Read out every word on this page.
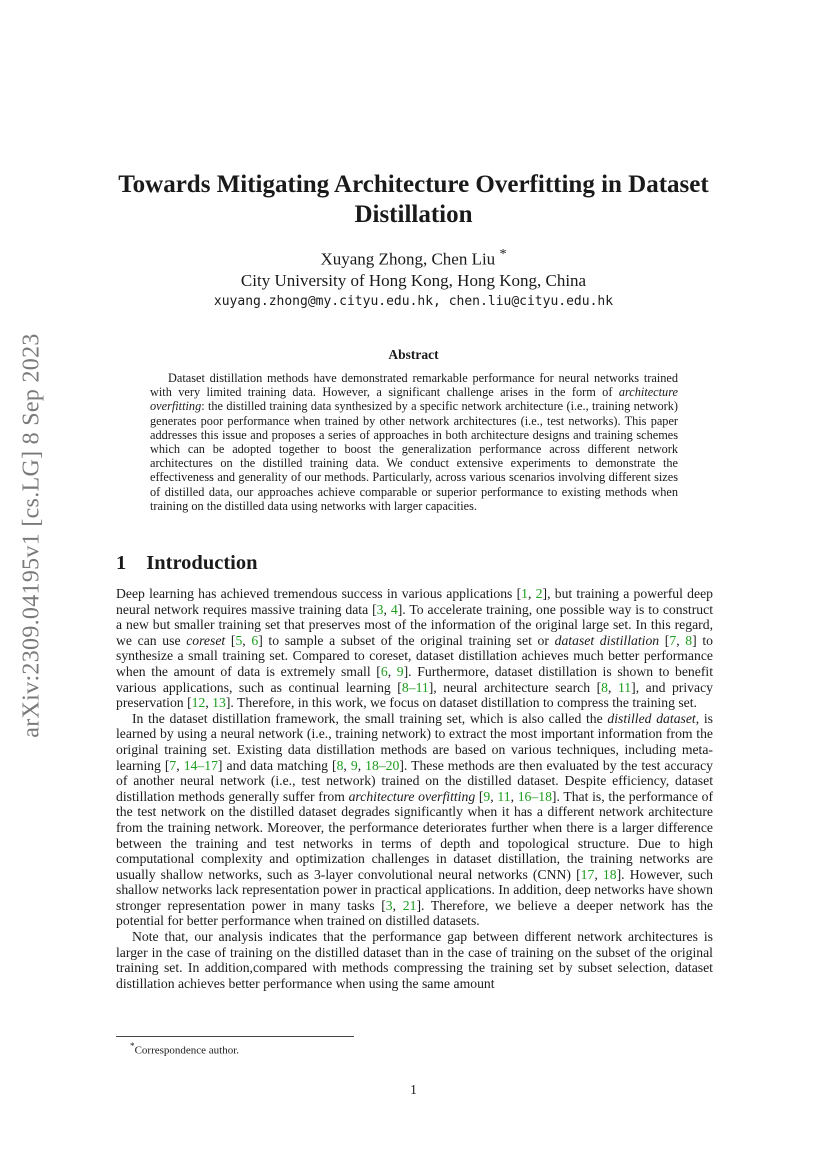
arXiv:2309.04195v1 [cs.LG] 8 Sep 2023
Towards Mitigating Architecture Overfitting in Dataset Distillation
Xuyang Zhong, Chen Liu *
City University of Hong Kong, Hong Kong, China
xuyang.zhong@my.cityu.edu.hk, chen.liu@cityu.edu.hk
Abstract

Dataset distillation methods have demonstrated remarkable performance for neural networks trained with very limited training data. However, a significant challenge arises in the form of architecture overfitting: the distilled training data synthesized by a specific network architecture (i.e., training network) generates poor performance when trained by other network architectures (i.e., test networks). This paper addresses this issue and proposes a series of approaches in both architecture designs and training schemes which can be adopted together to boost the generalization performance across different network architectures on the distilled training data. We conduct extensive experiments to demonstrate the effectiveness and generality of our methods. Particularly, across various scenarios involving different sizes of distilled data, our approaches achieve comparable or superior performance to existing methods when training on the distilled data using networks with larger capacities.

1 Introduction

Deep learning has achieved tremendous success in various applications [1, 2], but training a powerful deep neural network requires massive training data [3, 4]. To accelerate training, one possible way is to construct a new but smaller training set that preserves most of the information of the original large set. In this regard, we can use coreset [5, 6] to sample a subset of the original training set or dataset distillation [7, 8] to synthesize a small training set. Compared to coreset, dataset distillation achieves much better performance when the amount of data is extremely small [6, 9]. Furthermore, dataset distillation is shown to benefit various applications, such as continual learning [8–11], neural architecture search [8, 11], and privacy preservation [12, 13]. Therefore, in this work, we focus on dataset distillation to compress the training set.

In the dataset distillation framework, the small training set, which is also called the distilled dataset, is learned by using a neural network (i.e., training network) to extract the most important information from the original training set. Existing data distillation methods are based on various techniques, including meta-learning [7, 14–17] and data matching [8, 9, 18–20]. These methods are then evaluated by the test accuracy of another neural network (i.e., test network) trained on the distilled dataset. Despite efficiency, dataset distillation methods generally suffer from architecture overfitting [9, 11, 16–18]. That is, the performance of the test network on the distilled dataset degrades significantly when it has a different network architecture from the training network. Moreover, the performance deteriorates further when there is a larger difference between the training and test networks in terms of depth and topological structure. Due to high computational complexity and optimization challenges in dataset distillation, the training networks are usually shallow networks, such as 3-layer convolutional neural networks (CNN) [17, 18]. However, such shallow networks lack representation power in practical applications. In addition, deep networks have shown stronger representation power in many tasks [3, 21]. Therefore, we believe a deeper network has the potential for better performance when trained on distilled datasets.

Note that, our analysis indicates that the performance gap between different network architectures is larger in the case of training on the distilled dataset than in the case of training on the subset of the original training set. In addition,compared with methods compressing the training set by subset selection, dataset distillation achieves better performance when using the same amount

*Correspondence author.
1
